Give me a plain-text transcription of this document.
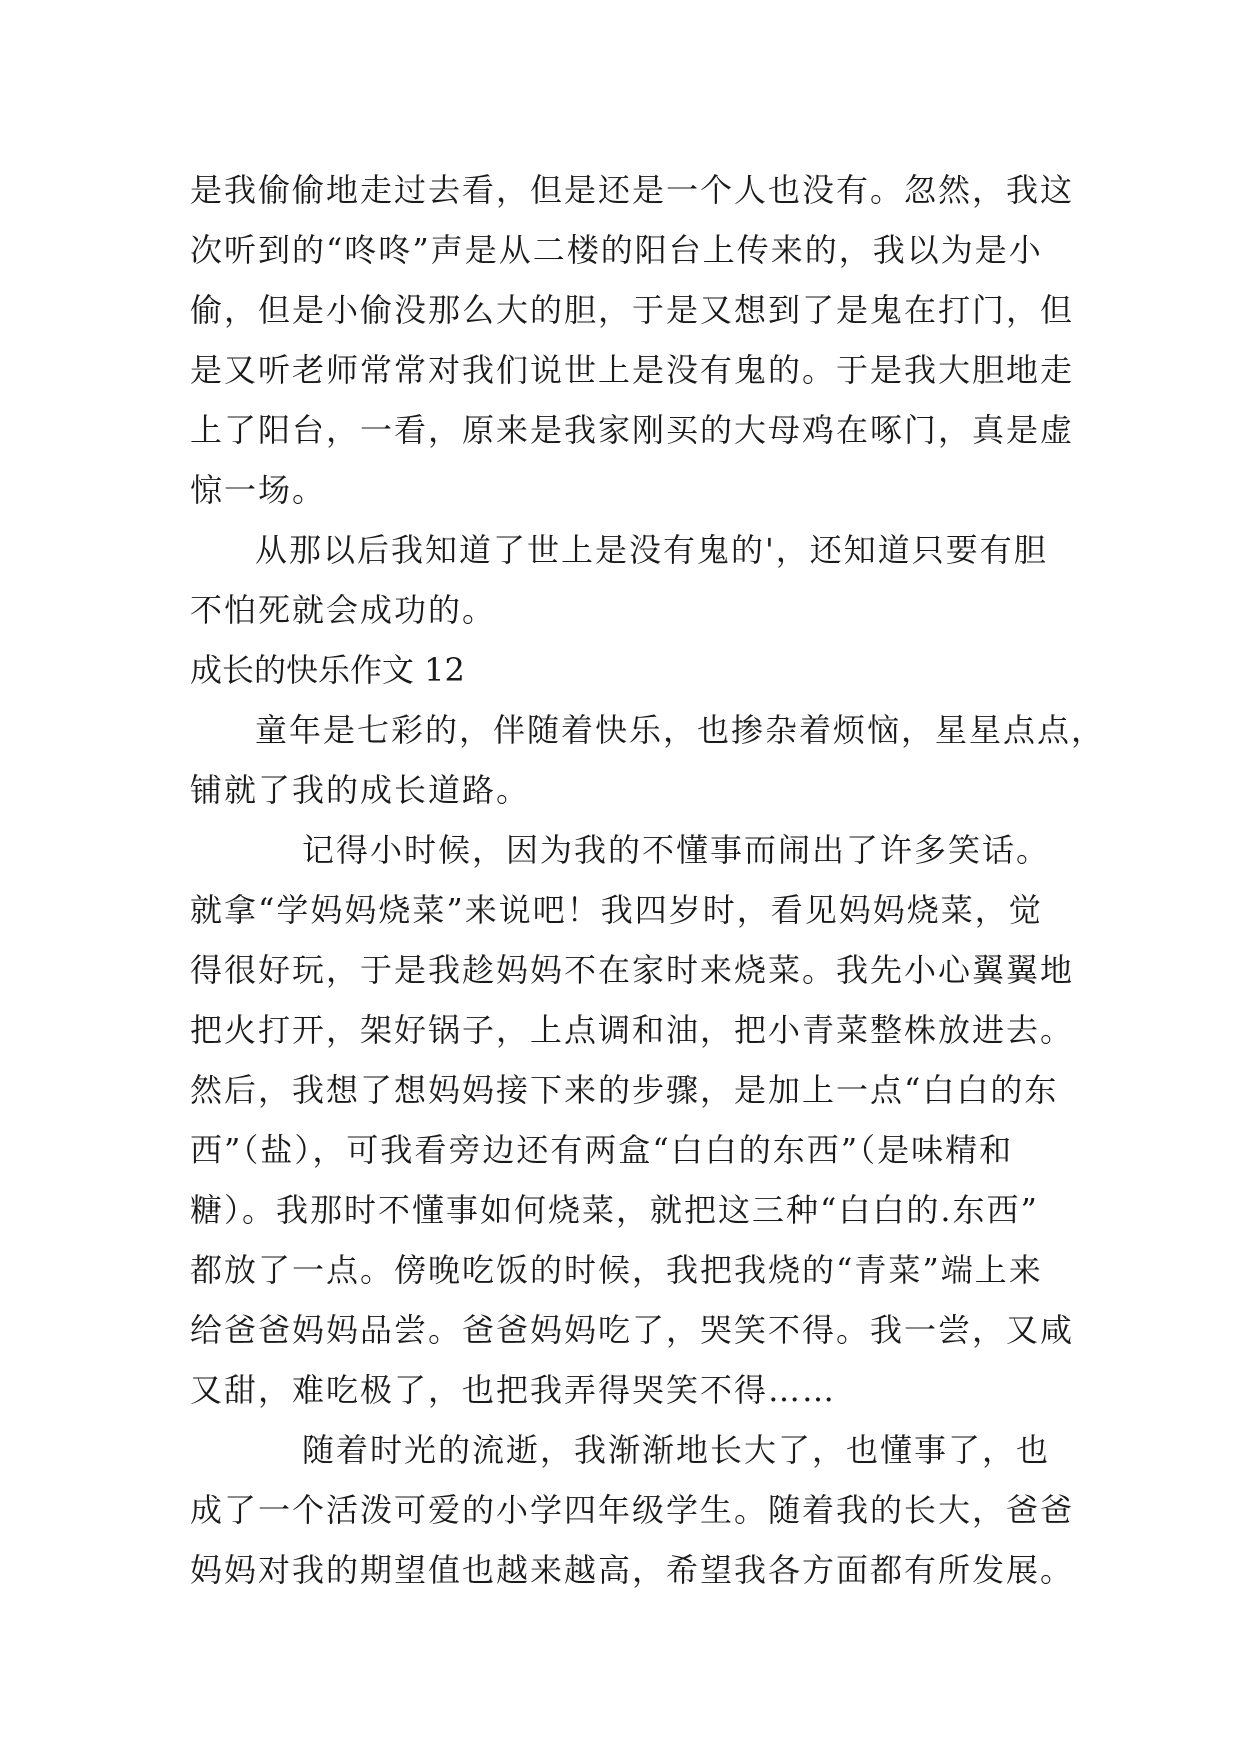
是我偷偷地走过去看，但是还是一个人也没有。忽然，我这
次听到的“咚咚”声是从二楼的阳台上传来的，我以为是小
偷，但是小偷没那么大的胆，于是又想到了是鬼在打门，但
是又听老师常常对我们说世上是没有鬼的。于是我大胆地走
上了阳台，一看，原来是我家刚买的大母鸡在啄门，真是虚
惊一场。
从那以后我知道了世上是没有鬼的'，还知道只要有胆
不怕死就会成功的。
成长的快乐作文 12
童年是七彩的，伴随着快乐，也掺杂着烦恼，星星点点，
铺就了我的成长道路。
记得小时候，因为我的不懂事而闹出了许多笑话。
就拿“学妈妈烧菜”来说吧！我四岁时，看见妈妈烧菜，觉
得很好玩，于是我趁妈妈不在家时来烧菜。我先小心翼翼地
把火打开，架好锅子，上点调和油，把小青菜整株放进去。
然后，我想了想妈妈接下来的步骤，是加上一点“白白的东
西”（盐），可我看旁边还有两盒“白白的东西”（是味精和
糖）。我那时不懂事如何烧菜，就把这三种“白白的.东西”
都放了一点。傍晚吃饭的时候，我把我烧的“青菜”端上来
给爸爸妈妈品尝。爸爸妈妈吃了，哭笑不得。我一尝，又咸
又甜，难吃极了，也把我弄得哭笑不得……
随着时光的流逝，我渐渐地长大了，也懂事了，也
成了一个活泼可爱的小学四年级学生。随着我的长大，爸爸
妈妈对我的期望值也越来越高，希望我各方面都有所发展。
